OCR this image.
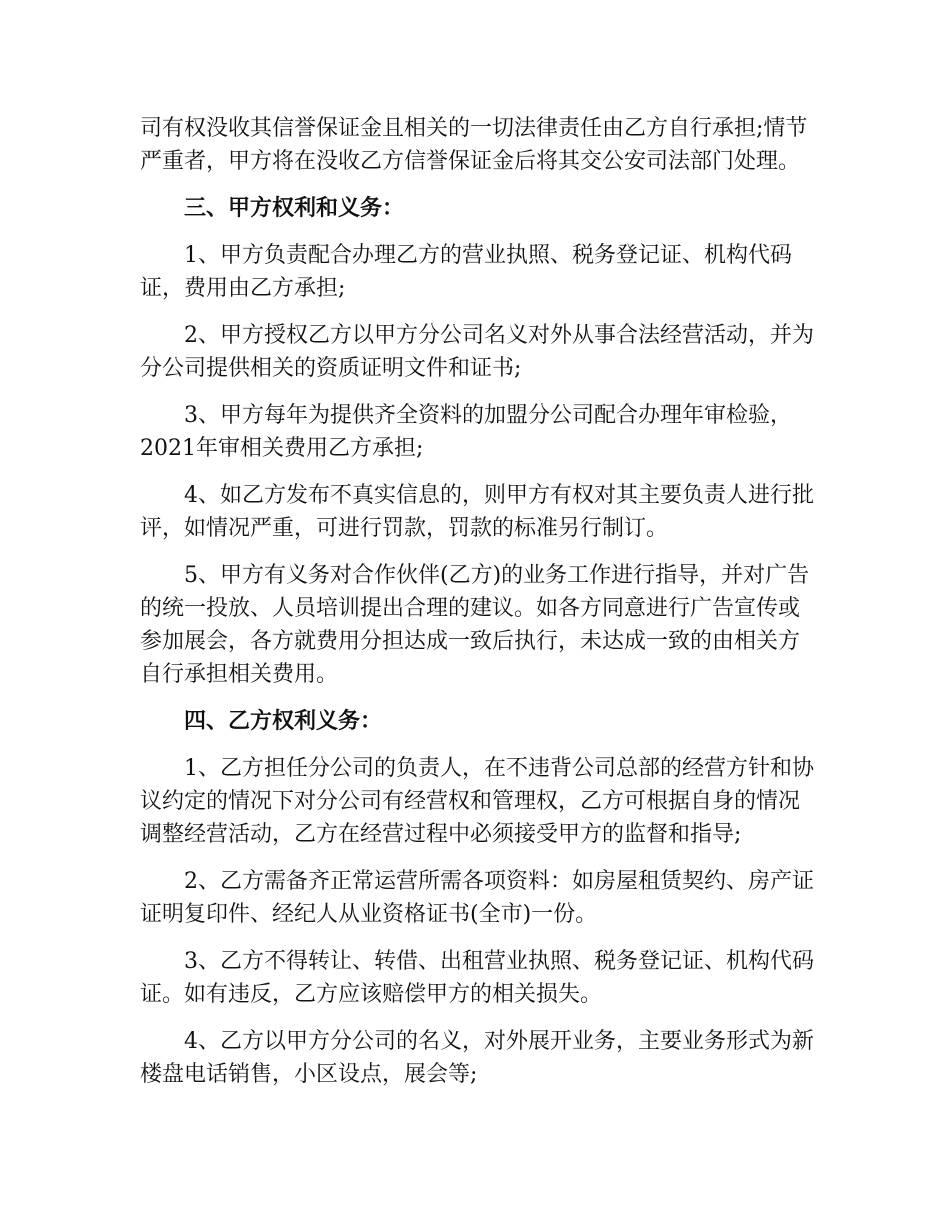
司有权没收其信誉保证金且相关的一切法律责任由乙方自行承担;情节严重者，甲方将在没收乙方信誉保证金后将其交公安司法部门处理。

三、甲方权利和义务：

1、甲方负责配合办理乙方的营业执照、税务登记证、机构代码证，费用由乙方承担;

2、甲方授权乙方以甲方分公司名义对外从事合法经营活动，并为分公司提供相关的资质证明文件和证书;

3、甲方每年为提供齐全资料的加盟分公司配合办理年审检验，2021年审相关费用乙方承担;

4、如乙方发布不真实信息的，则甲方有权对其主要负责人进行批评，如情况严重，可进行罚款，罚款的标准另行制订。

5、甲方有义务对合作伙伴(乙方)的业务工作进行指导，并对广告的统一投放、人员培训提出合理的建议。如各方同意进行广告宣传或参加展会，各方就费用分担达成一致后执行，未达成一致的由相关方自行承担相关费用。

四、乙方权利义务：

1、乙方担任分公司的负责人，在不违背公司总部的经营方针和协议约定的情况下对分公司有经营权和管理权，乙方可根据自身的情况调整经营活动，乙方在经营过程中必须接受甲方的监督和指导;

2、乙方需备齐正常运营所需各项资料：如房屋租赁契约、房产证证明复印件、经纪人从业资格证书(全市)一份。

3、乙方不得转让、转借、出租营业执照、税务登记证、机构代码证。如有违反，乙方应该赔偿甲方的相关损失。

4、乙方以甲方分公司的名义，对外展开业务，主要业务形式为新楼盘电话销售，小区设点，展会等;
